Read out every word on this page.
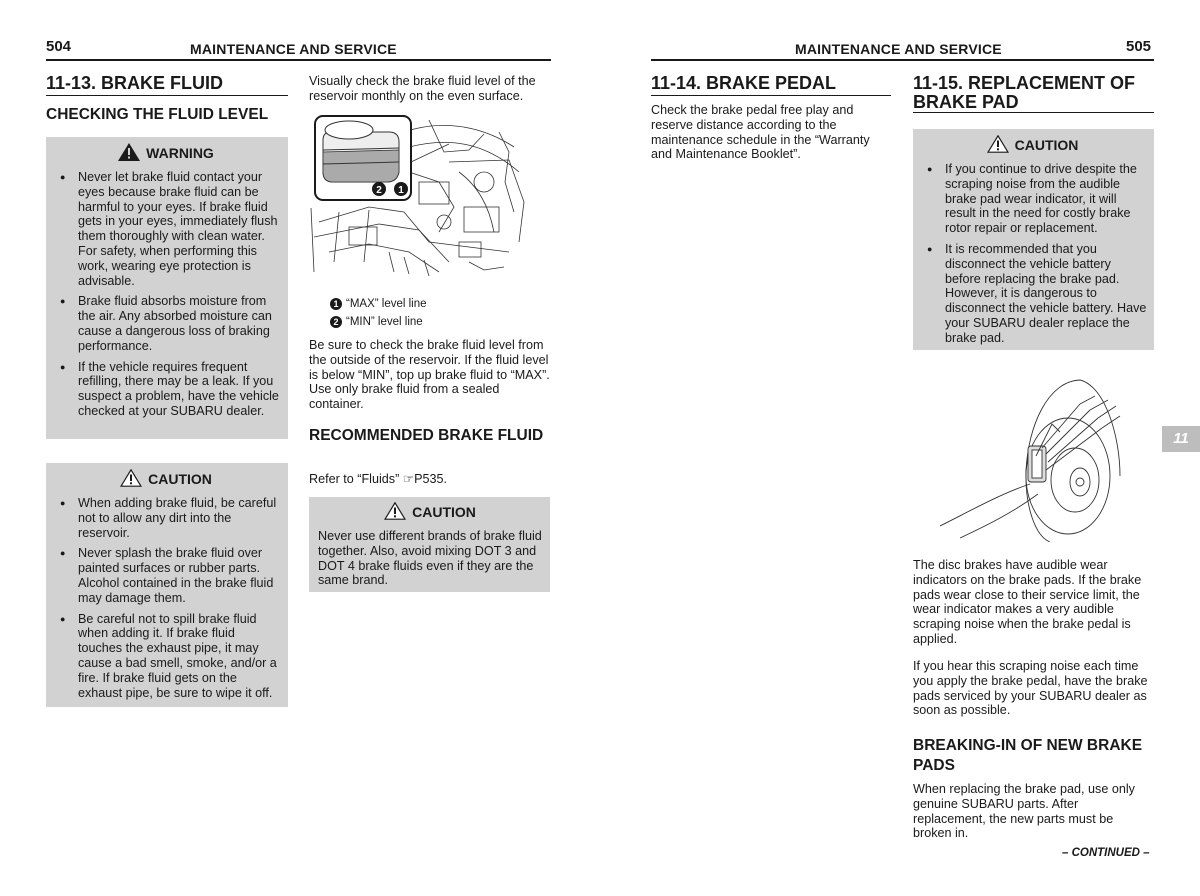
504	MAINTENANCE AND SERVICE
11-13. BRAKE FLUID
CHECKING THE FLUID LEVEL
WARNING
● Never let brake fluid contact your eyes because brake fluid can be harmful to your eyes. If brake fluid gets in your eyes, immediately flush them thoroughly with clean water. For safety, when performing this work, wearing eye protection is advisable.
● Brake fluid absorbs moisture from the air. Any absorbed moisture can cause a dangerous loss of braking performance.
● If the vehicle requires frequent refilling, there may be a leak. If you suspect a problem, have the vehicle checked at your SUBARU dealer.
CAUTION
● When adding brake fluid, be careful not to allow any dirt into the reservoir.
● Never splash the brake fluid over painted surfaces or rubber parts. Alcohol contained in the brake fluid may damage them.
● Be careful not to spill brake fluid when adding it. If brake fluid touches the exhaust pipe, it may cause a bad smell, smoke, and/or a fire. If brake fluid gets on the exhaust pipe, be sure to wipe it off.

Visually check the brake fluid level of the reservoir monthly on the even surface.

2 1
1 “MAX” level line
2 “MIN” level line

Be sure to check the brake fluid level from the outside of the reservoir. If the fluid level is below “MIN”, top up brake fluid to “MAX”. Use only brake fluid from a sealed container.

RECOMMENDED BRAKE FLUID

Refer to “Fluids” ☞P535.

CAUTION

Never use different brands of brake fluid together. Also, avoid mixing DOT 3 and DOT 4 brake fluids even if they are the same brand.

MAINTENANCE AND SERVICE	505
11-14. BRAKE PEDAL

Check the brake pedal free play and reserve distance according to the maintenance schedule in the “Warranty and Maintenance Booklet”.

11-15. REPLACEMENT OF BRAKE PAD
CAUTION
● If you continue to drive despite the scraping noise from the audible brake pad wear indicator, it will result in the need for costly brake rotor repair or replacement.
● It is recommended that you disconnect the vehicle battery before replacing the brake pad. However, it is dangerous to disconnect the vehicle battery. Have your SUBARU dealer replace the brake pad.

The disc brakes have audible wear indicators on the brake pads. If the brake pads wear close to their service limit, the wear indicator makes a very audible scraping noise when the brake pedal is applied.

If you hear this scraping noise each time you apply the brake pedal, have the brake pads serviced by your SUBARU dealer as soon as possible.

BREAKING-IN OF NEW BRAKE PADS

When replacing the brake pad, use only genuine SUBARU parts. After replacement, the new parts must be broken in.

11
– CONTINUED –
